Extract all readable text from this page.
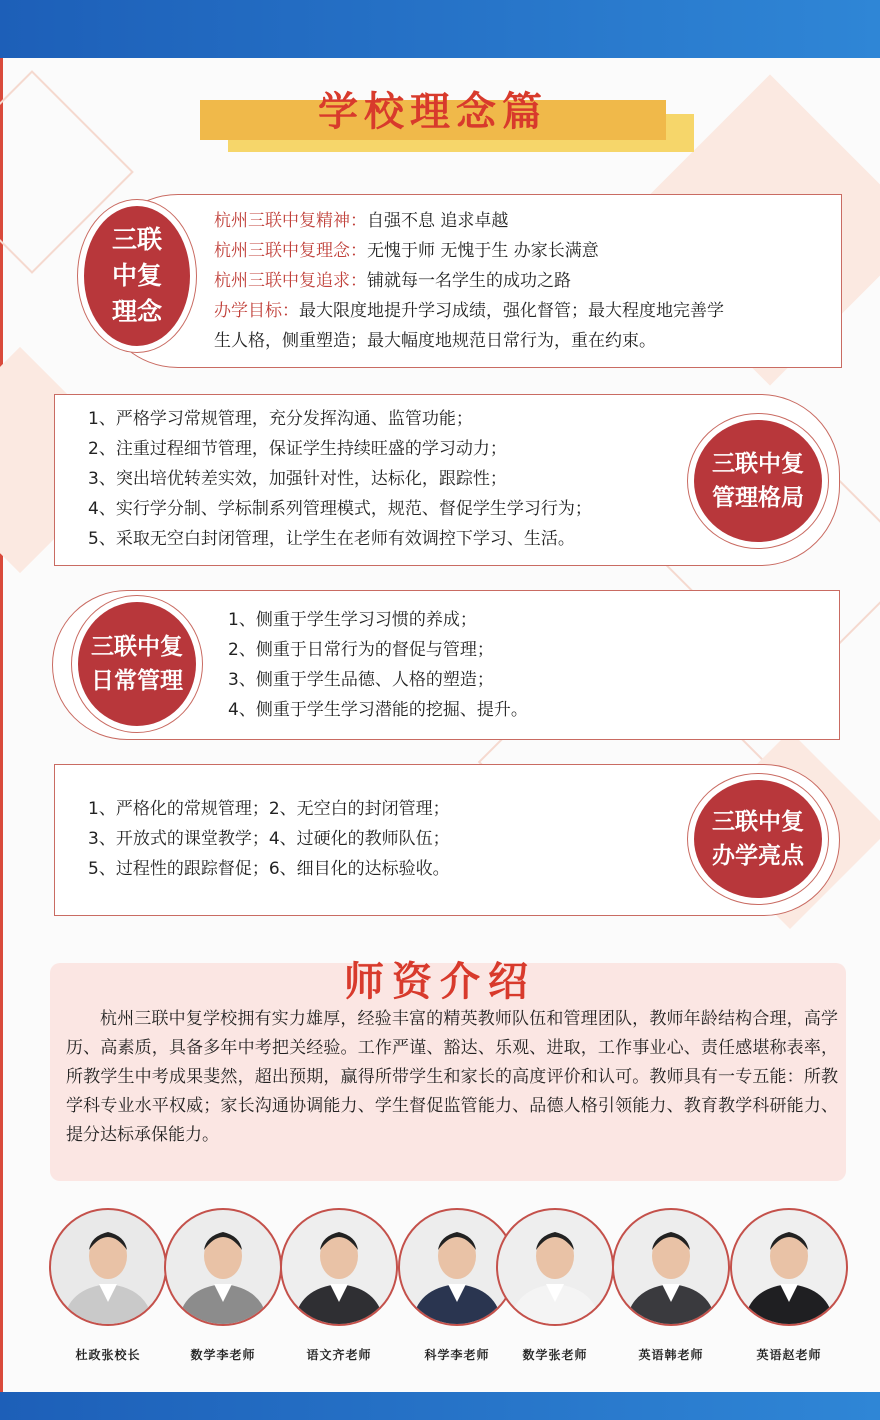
学校理念篇
三联
中复
理念
杭州三联中复精神：自强不息 追求卓越
杭州三联中复理念：无愧于师 无愧于生 办家长满意
杭州三联中复追求：铺就每一名学生的成功之路
办学目标：最大限度地提升学习成绩，强化督管；最大程度地完善学
生人格，侧重塑造；最大幅度地规范日常行为，重在约束。
三联中复
管理格局
1、严格学习常规管理，充分发挥沟通、监管功能；
2、注重过程细节管理，保证学生持续旺盛的学习动力；
3、突出培优转差实效，加强针对性，达标化，跟踪性；
4、实行学分制、学标制系列管理模式，规范、督促学生学习行为；
5、采取无空白封闭管理，让学生在老师有效调控下学习、生活。
三联中复
日常管理
1、侧重于学生学习习惯的养成；
2、侧重于日常行为的督促与管理；
3、侧重于学生品德、人格的塑造；
4、侧重于学生学习潜能的挖掘、提升。
三联中复
办学亮点
1、严格化的常规管理；2、无空白的封闭管理；
3、开放式的课堂教学；4、过硬化的教师队伍；
5、过程性的跟踪督促；6、细目化的达标验收。
师资介绍
杭州三联中复学校拥有实力雄厚，经验丰富的精英教师队伍和管理团队，教师年龄结构合理，高学历、高素质，具备多年中考把关经验。工作严谨、豁达、乐观、进取，工作事业心、责任感堪称表率，所教学生中考成果斐然，超出预期，赢得所带学生和家长的高度评价和认可。教师具有一专五能：所教学科专业水平权威；家长沟通协调能力、学生督促监管能力、品德人格引领能力、教育教学科研能力、提分达标承保能力。
杜政张校长	数学李老师	语文齐老师	科学李老师	数学张老师	英语韩老师	英语赵老师
